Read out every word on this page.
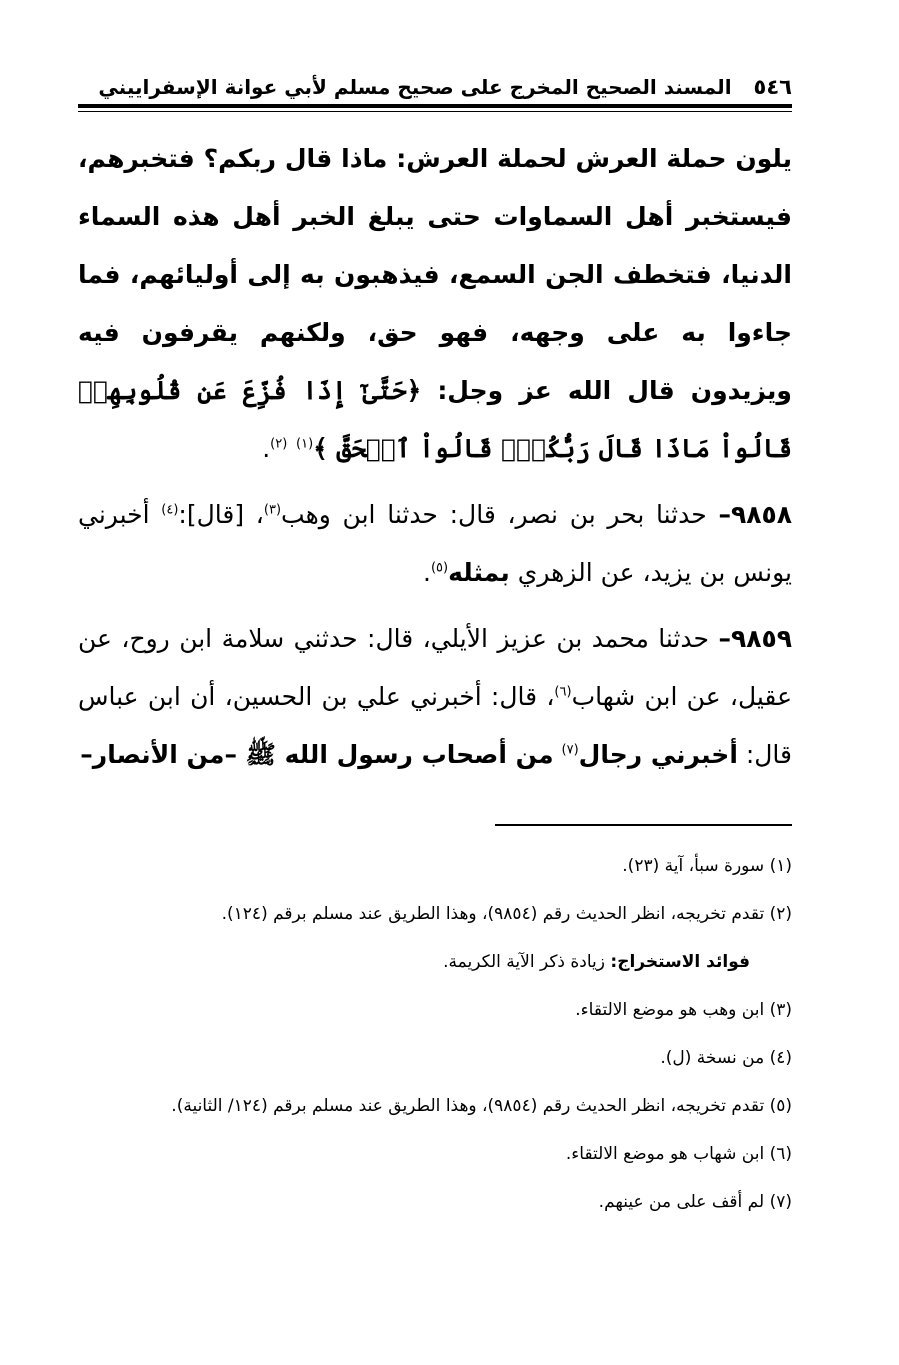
٥٤٦
المسند الصحيح المخرج على صحيح مسلم لأبي عوانة الإسفراييني

يلون حملة العرش لحملة العرش: ماذا قال ربكم؟ فتخبرهم، فيستخبر أهل السماوات حتى يبلغ الخبر أهل هذه السماء الدنيا، فتخطف الجن السمع، فيذهبون به إلى أوليائهم، فما جاءوا به على وجهه، فهو حق، ولكنهم يقرفون فيه ويزيدون قال الله عز وجل: ﴿حَتَّىٰٓ إِذَا فُزِّعَ عَن قُلُوبِهِمۡ قَالُواْ مَاذَا قَالَ رَبُّكُمۡۖ قَالُواْ ٱلۡحَقَّ ﴾$^{(١)}$ $^{(٢)}$.

٩٨٥٨– حدثنا بحر بن نصر، قال: حدثنا ابن وهب$^{(٣)}$، [قال]:$^{(٤)}$ أخبرني يونس بن يزيد، عن الزهري بمثله$^{(٥)}$.

٩٨٥٩– حدثنا محمد بن عزيز الأيلي، قال: حدثني سلامة ابن روح، عن عقيل، عن ابن شهاب$^{(٦)}$، قال: أخبرني علي بن الحسين، أن ابن عباس قال: أخبرني رجال$^{(٧)}$ من أصحاب رسول الله ﷺ –من الأنصار–

(١) سورة سبأ، آية (٢٣).

(٢) تقدم تخريجه، انظر الحديث رقم (٩٨٥٤)، وهذا الطريق عند مسلم برقم (١٢٤).

فوائد الاستخراج: زيادة ذكر الآية الكريمة.

(٣) ابن وهب هو موضع الالتقاء.

(٤) من نسخة (ل).

(٥) تقدم تخريجه، انظر الحديث رقم (٩٨٥٤)، وهذا الطريق عند مسلم برقم (١٢٤/ الثانية).

(٦) ابن شهاب هو موضع الالتقاء.

(٧) لم أقف على من عينهم.
